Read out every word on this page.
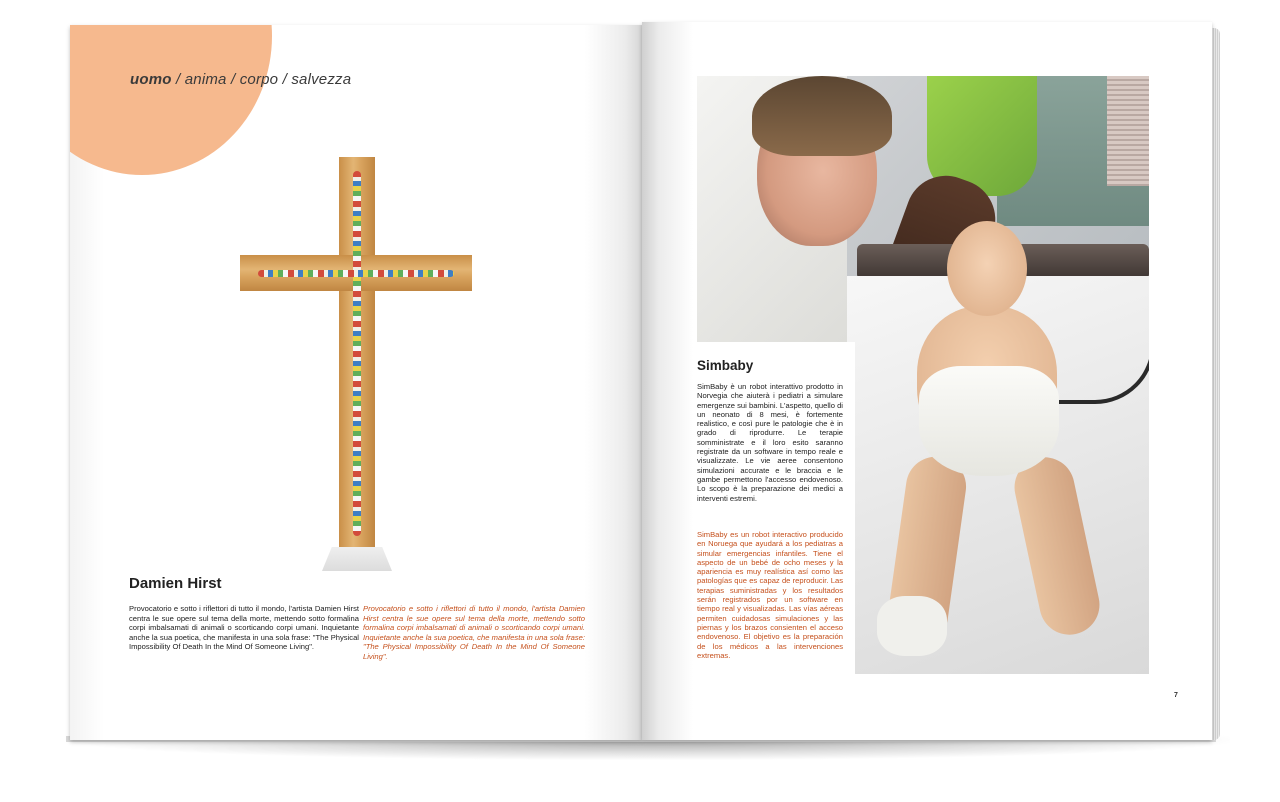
uomo / anima / corpo / salvezza

Damien Hirst

Provocatorio e sotto i riflettori di tutto il mondo, l'artista Damien Hirst centra le sue opere sul tema della morte, mettendo sotto formalina corpi imbalsamati di animali o scorticando corpi umani. Inquietante anche la sua poetica, che manifesta in una sola frase: "The Physical Impossibility Of Death In the Mind Of Someone Living".

Provocatorio e sotto i riflettori di tutto il mondo, l'artista Damien Hirst centra le sue opere sul tema della morte, mettendo sotto formalina corpi imbalsamati di animali o scorticando corpi umani. Inquietante anche la sua poetica, che manifesta in una sola frase: "The Physical Impossibility Of Death In the Mind Of Someone Living".

Simbaby

SimBaby è un robot interattivo prodotto in Norvegia che aiuterà i pediatri a simulare emergenze sui bambini. L'aspetto, quello di un neonato di 8 mesi, è fortemente realistico, e così pure le patologie che è in grado di riprodurre. Le terapie somministrate e il loro esito saranno registrate da un software in tempo reale e visualizzate. Le vie aeree consentono simulazioni accurate e le braccia e le gambe permettono l'accesso endovenoso. Lo scopo è la preparazione dei medici a interventi estremi.

SimBaby es un robot interactivo producido en Noruega que ayudará a los pediatras a simular emergencias infantiles. Tiene el aspecto de un bebé de ocho meses y la apariencia es muy realística así como las patologías que es capaz de reproducir. Las terapias suministradas y los resultados serán registrados por un software en tiempo real y visualizadas. Las vías aéreas permiten cuidadosas simulaciones y las piernas y los brazos consienten el acceso endovenoso. El objetivo es la preparación de los médicos a las intervenciones extremas.

7
